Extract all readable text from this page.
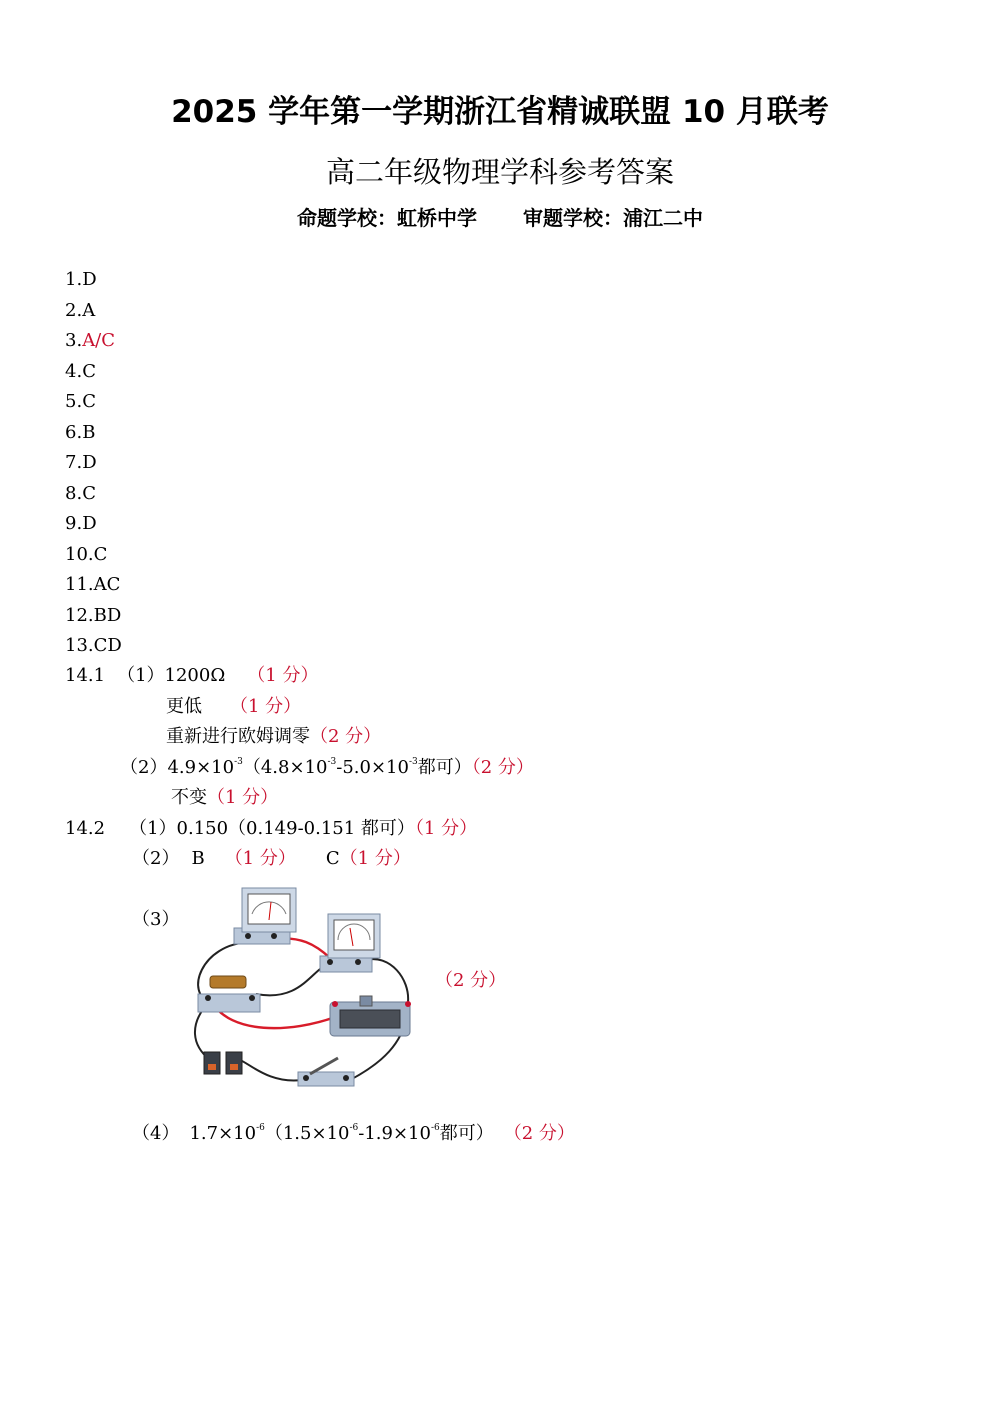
2025 学年第一学期浙江省精诚联盟 10 月联考
高二年级物理学科参考答案
命题学校：虹桥中学 审题学校：浦江二中
1.D
2.A
3.A/C
4.C
5.C
6.B
7.D
8.C
9.D
10.C
11.AC
12.BD
13.CD
14.1 （1）1200Ω （1 分）
更低 （1 分）
重新进行欧姆调零（2 分）
$(2)4.9\times 10^{-3}(4.8\times 10^{-3}-5.0\times 10^{-3}$都可）（2 分）
不变（1 分）
14.2 （1）0.150（0.149-0.151 都可）（1 分）
（2） B （1 分） C（1 分）
（3）
（2 分）
（4） $1.7\times 10^{-6}(1.5\times 10^{-6}-1.9\times 10^{-6}$都可） （2 分）
